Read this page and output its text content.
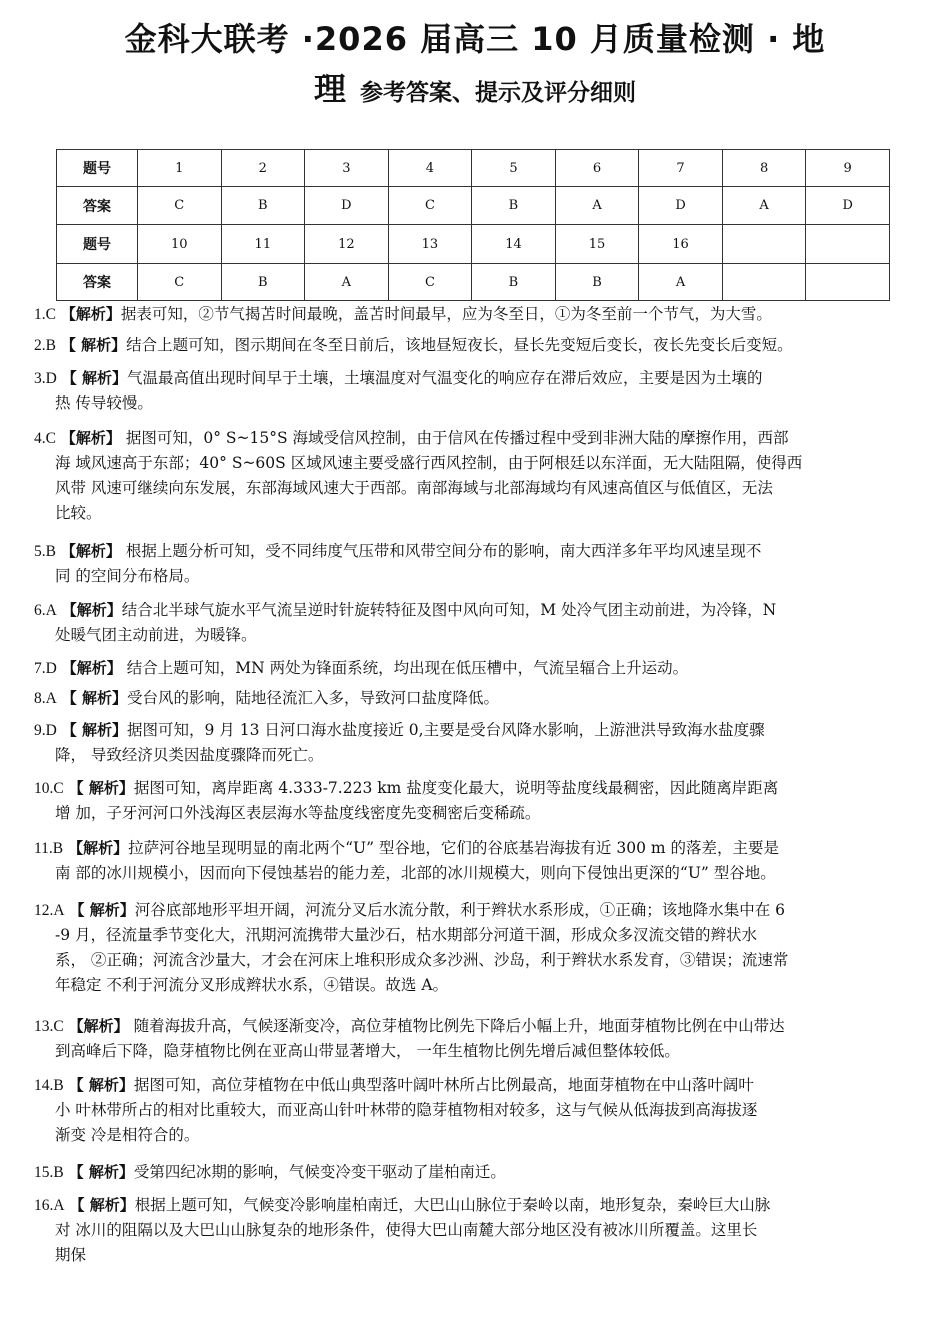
金科大联考 ·2026 届高三 10 月质量检测 · 地
理 参考答案、提示及评分细则
题号	1	2	3	4	5	6	7	8	9
答案	C	B	D	C	B	A	D	A	D
题号	10	11	12	13	14	15	16		
答案	C	B	A	C	B	B	A		
1.C 【解析】据表可知，②节气揭苫时间最晚，盖苫时间最早，应为冬至日，①为冬至前一个节气，为大雪。
2.B 【 解析】结合上题可知，图示期间在冬至日前后，该地昼短夜长，昼长先变短后变长，夜长先变长后变短。
3.D 【 解析】气温最高值出现时间早于土壤，土壤温度对气温变化的响应存在滞后效应，主要是因为土壤的
热 传导较慢。
4.C 【解析】 据图可知，0° S~15°S 海域受信风控制，由于信风在传播过程中受到非洲大陆的摩擦作用，西部
海 域风速高于东部；40° S~60S 区域风速主要受盛行西风控制，由于阿根廷以东洋面，无大陆阻隔，使得西
风带 风速可继续向东发展，东部海域风速大于西部。南部海域与北部海域均有风速高值区与低值区，无法
比较。
5.B 【解析】 根据上题分析可知，受不同纬度气压带和风带空间分布的影响，南大西洋多年平均风速呈现不
同 的空间分布格局。
6.A 【解析】结合北半球气旋水平气流呈逆时针旋转特征及图中风向可知，M 处冷气团主动前进，为冷锋，N
处暖气团主动前进，为暖锋。
7.D 【解析】 结合上题可知，MN 两处为锋面系统，均出现在低压槽中，气流呈辐合上升运动。
8.A 【 解析】受台风的影响，陆地径流汇入多，导致河口盐度降低。
9.D 【 解析】据图可知，9 月 13 日河口海水盐度接近 0,主要是受台风降水影响，上游泄洪导致海水盐度骤
降， 导致经济贝类因盐度骤降而死亡。
10.C 【 解析】据图可知，离岸距离 4.333-7.223 km 盐度变化最大，说明等盐度线最稠密，因此随离岸距离
增 加，子牙河河口外浅海区表层海水等盐度线密度先变稠密后变稀疏。
11.B 【解析】拉萨河谷地呈现明显的南北两个“U” 型谷地，它们的谷底基岩海拔有近 300 m 的落差，主要是
南 部的冰川规模小，因而向下侵蚀基岩的能力差，北部的冰川规模大，则向下侵蚀出更深的“U” 型谷地。
12.A 【 解析】河谷底部地形平坦开阔，河流分叉后水流分散，利于辫状水系形成，①正确；该地降水集中在 6
-9 月，径流量季节变化大，汛期河流携带大量沙石，枯水期部分河道干涸，形成众多汊流交错的辫状水
系， ②正确；河流含沙量大，才会在河床上堆积形成众多沙洲、沙岛，利于辫状水系发育，③错误；流速常
年稳定 不利于河流分叉形成辫状水系，④错误。故选 A。
13.C 【解析】 随着海拔升高，气候逐渐变冷，高位芽植物比例先下降后小幅上升，地面芽植物比例在中山带达
到高峰后下降，隐芽植物比例在亚高山带显著增大， 一年生植物比例先增后减但整体较低。
14.B 【 解析】据图可知，高位芽植物在中低山典型落叶阔叶林所占比例最高，地面芽植物在中山落叶阔叶
小 叶林带所占的相对比重较大，而亚高山针叶林带的隐芽植物相对较多，这与气候从低海拔到高海拔逐
渐变 冷是相符合的。
15.B 【 解析】受第四纪冰期的影响，气候变冷变干驱动了崖柏南迁。
16.A 【 解析】根据上题可知，气候变冷影响崖柏南迁，大巴山山脉位于秦岭以南，地形复杂，秦岭巨大山脉
对 冰川的阻隔以及大巴山山脉复杂的地形条件，使得大巴山南麓大部分地区没有被冰川所覆盖。这里长
期保
